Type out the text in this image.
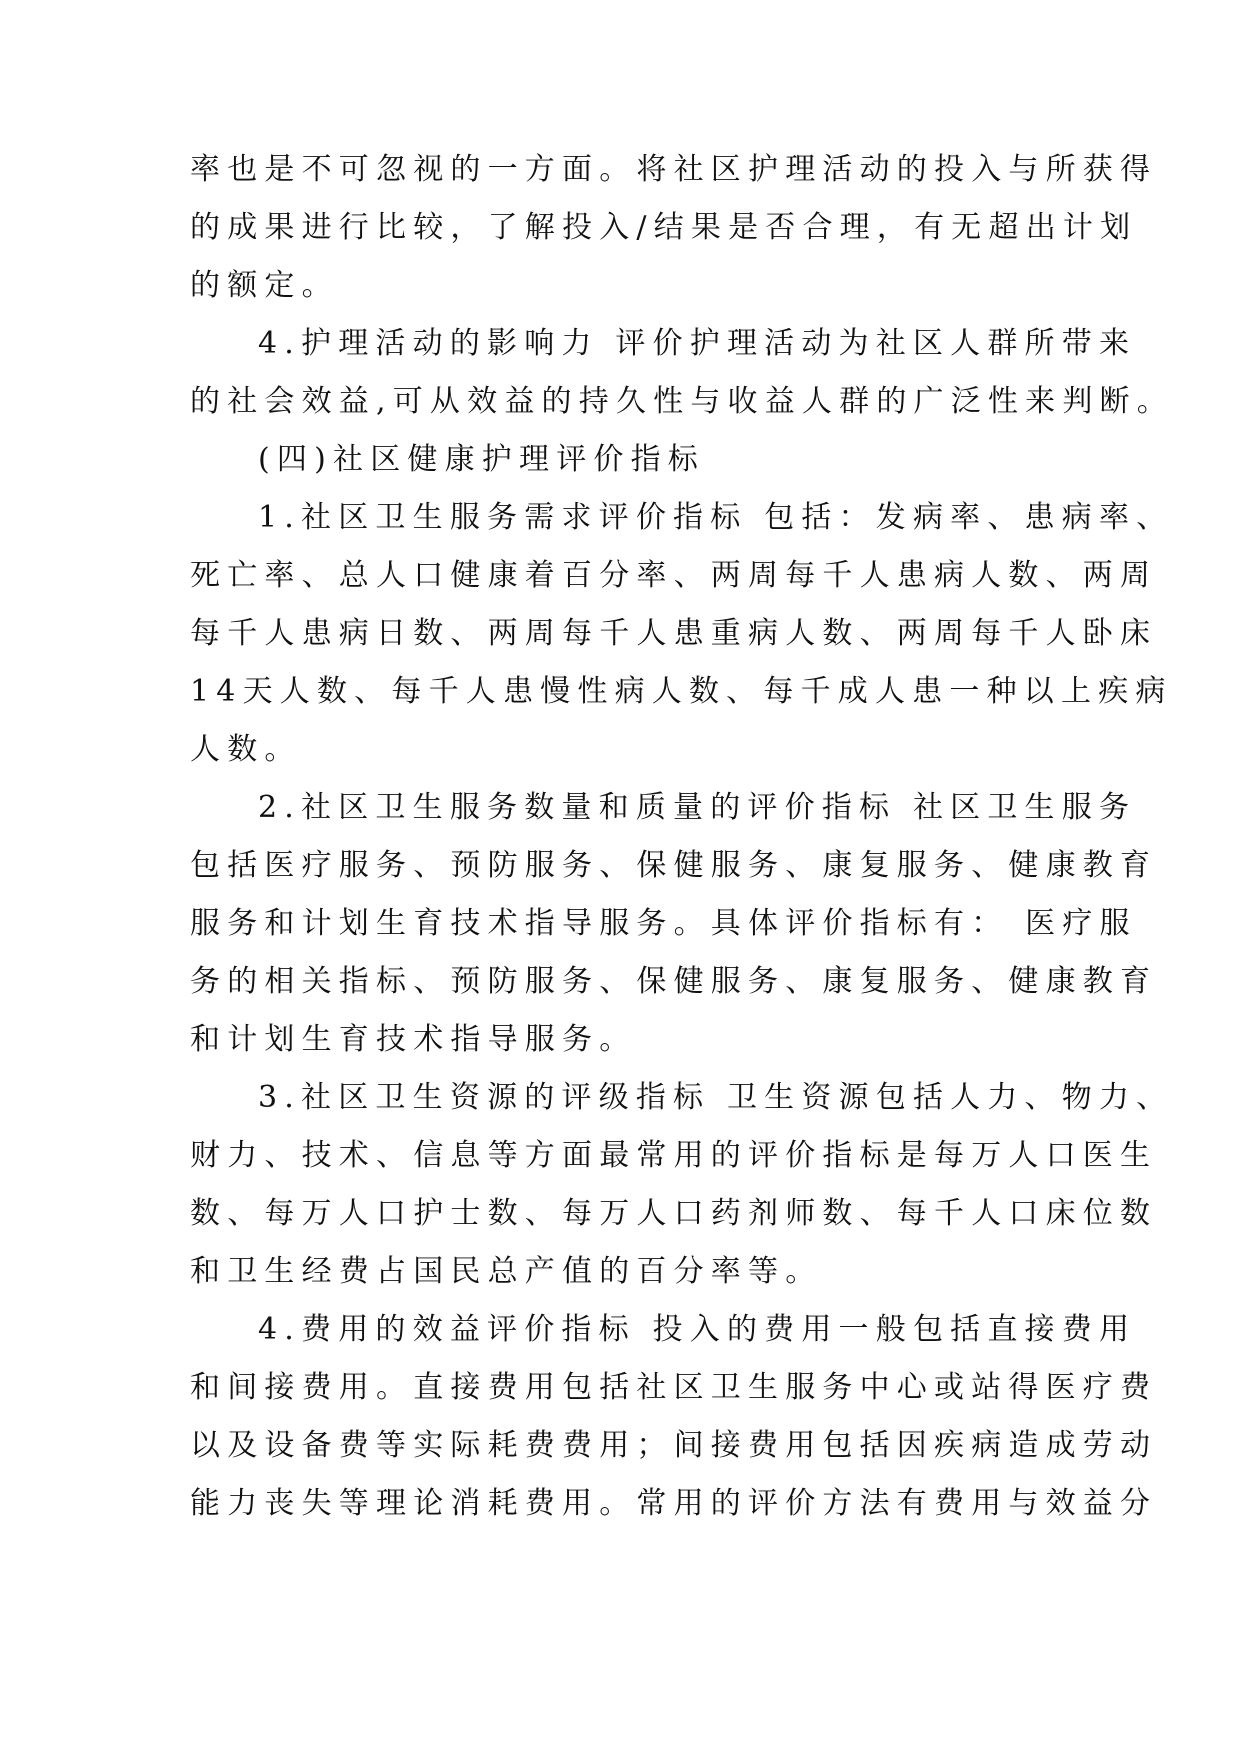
率也是不可忽视的一方面。将社区护理活动的投入与所获得
的成果进行比较，了解投入/结果是否合理，有无超出计划
的额定。
4.护理活动的影响力 评价护理活动为社区人群所带来
的社会效益,可从效益的持久性与收益人群的广泛性来判断。
(四)社区健康护理评价指标
1.社区卫生服务需求评价指标 包括：发病率、患病率、
死亡率、总人口健康着百分率、两周每千人患病人数、两周
每千人患病日数、两周每千人患重病人数、两周每千人卧床
14天人数、每千人患慢性病人数、每千成人患一种以上疾病
人数。
2.社区卫生服务数量和质量的评价指标 社区卫生服务
包括医疗服务、预防服务、保健服务、康复服务、健康教育
服务和计划生育技术指导服务。具体评价指标有： 医疗服
务的相关指标、预防服务、保健服务、康复服务、健康教育
和计划生育技术指导服务。
3.社区卫生资源的评级指标 卫生资源包括人力、物力、
财力、技术、信息等方面最常用的评价指标是每万人口医生
数、每万人口护士数、每万人口药剂师数、每千人口床位数
和卫生经费占国民总产值的百分率等。
4.费用的效益评价指标 投入的费用一般包括直接费用
和间接费用。直接费用包括社区卫生服务中心或站得医疗费
以及设备费等实际耗费费用；间接费用包括因疾病造成劳动
能力丧失等理论消耗费用。常用的评价方法有费用与效益分
